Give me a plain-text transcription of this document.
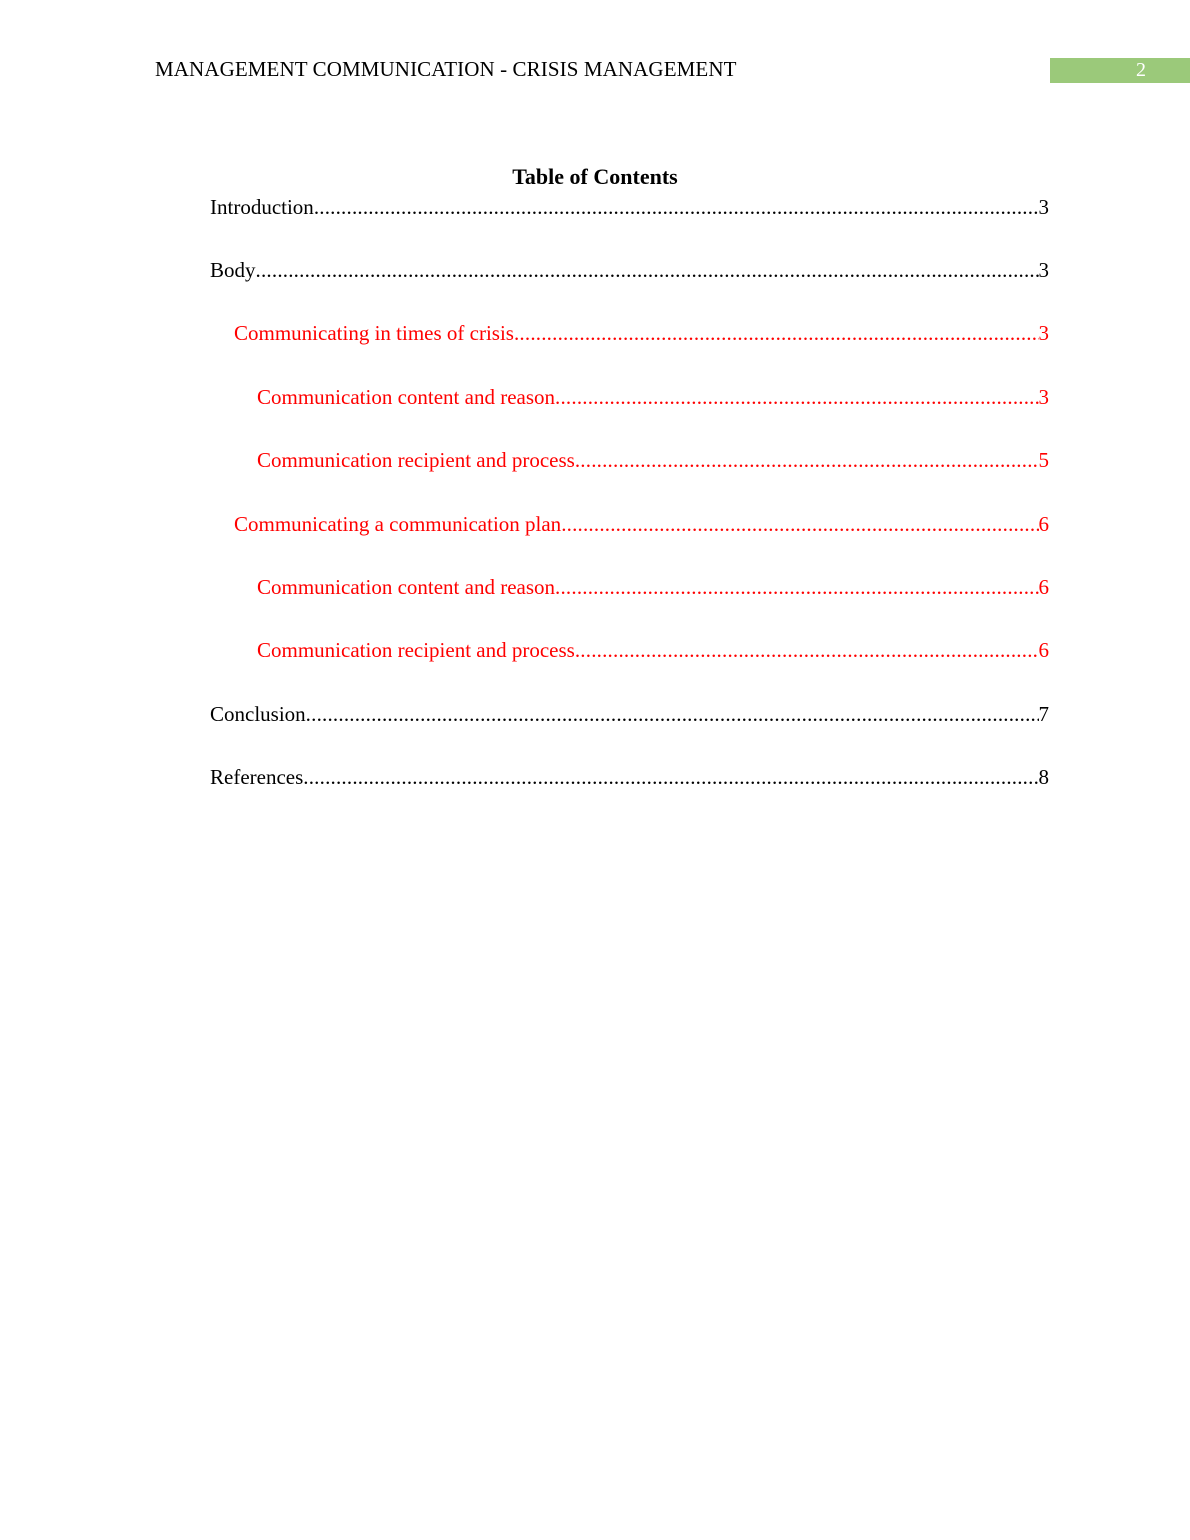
MANAGEMENT COMMUNICATION - CRISIS MANAGEMENT	2
Table of Contents
Introduction .....	3
Body .....	3
Communicating in times of crisis .....	3
Communication content and reason .....	3
Communication recipient and process .....	5
Communicating a communication plan .....	6
Communication content and reason .....	6
Communication recipient and process .....	6
Conclusion .....	7
References .....	8
